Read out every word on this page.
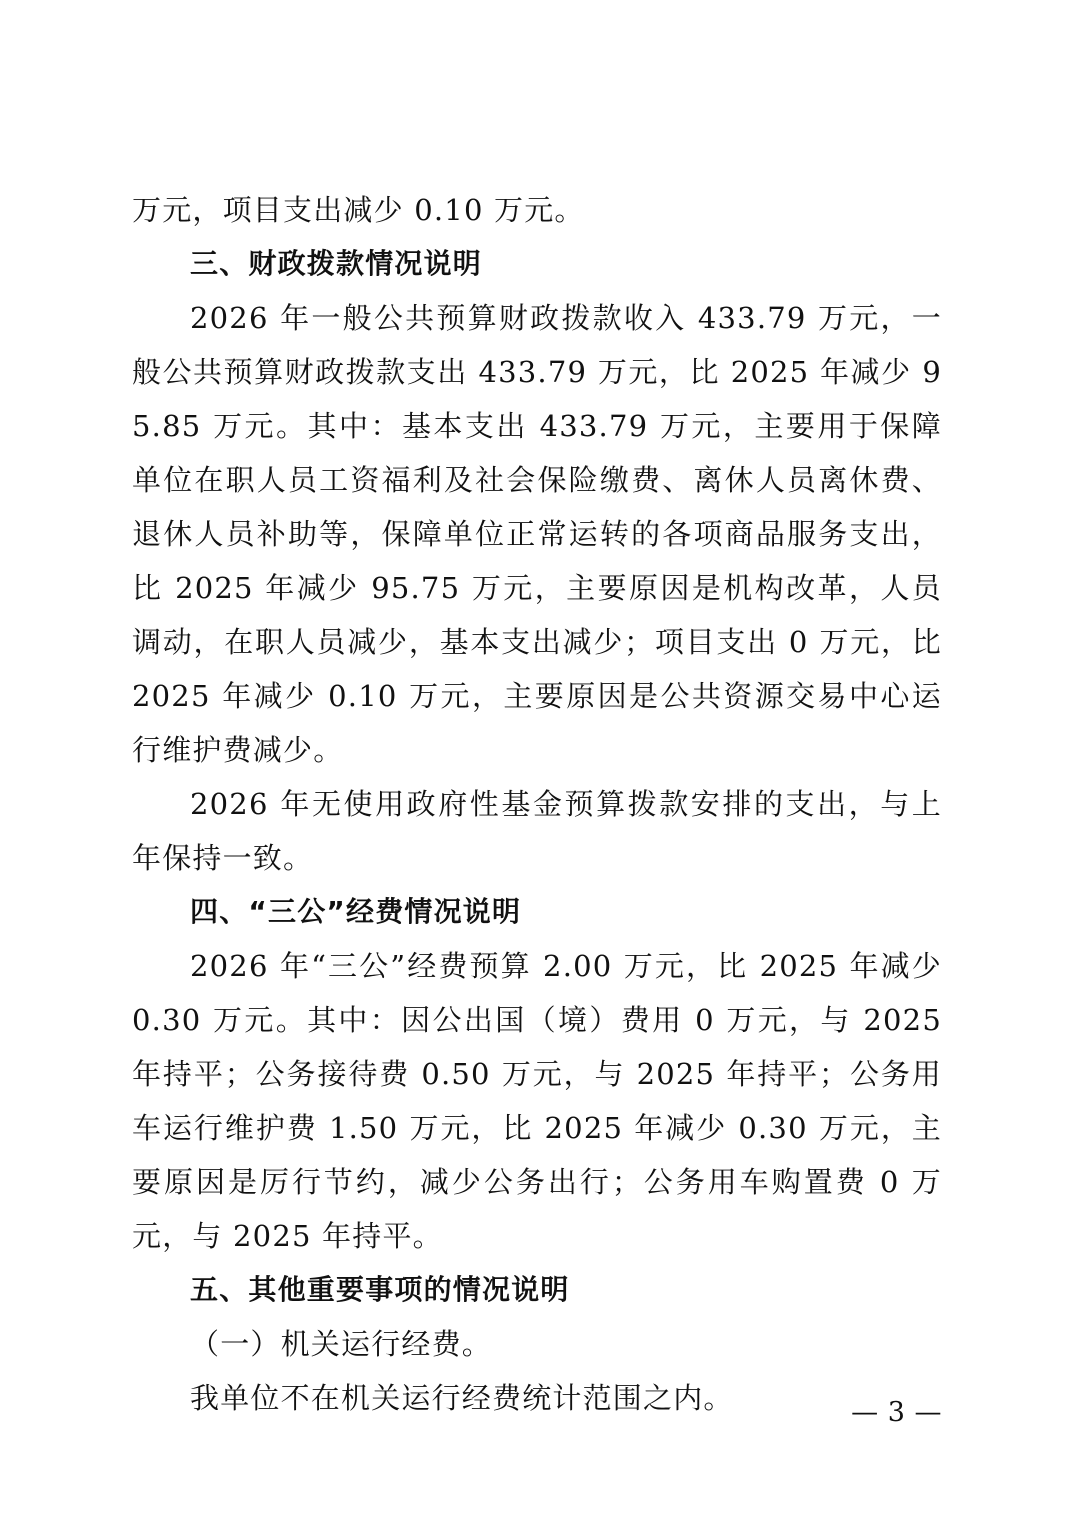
万元，项目支出减少 0.10 万元。

三、财政拨款情况说明

2026 年一般公共预算财政拨款收入 433.79 万元，一般公共预算财政拨款支出 433.79 万元，比 2025 年减少 95.85 万元。其中：基本支出 433.79 万元，主要用于保障单位在职人员工资福利及社会保险缴费、离休人员离休费、退休人员补助等，保障单位正常运转的各项商品服务支出，比 2025 年减少 95.75 万元，主要原因是机构改革，人员调动，在职人员减少，基本支出减少；项目支出 0 万元，比 2025 年减少 0.10 万元，主要原因是公共资源交易中心运行维护费减少。

2026 年无使用政府性基金预算拨款安排的支出，与上年保持一致。

四、“三公”经费情况说明

2026 年“三公”经费预算 2.00 万元，比 2025 年减少 0.30 万元。其中：因公出国（境）费用 0 万元，与 2025 年持平；公务接待费 0.50 万元，与 2025 年持平；公务用车运行维护费 1.50 万元，比 2025 年减少 0.30 万元，主要原因是厉行节约，减少公务出行；公务用车购置费 0 万元，与 2025 年持平。

五、其他重要事项的情况说明

（一）机关运行经费。

我单位不在机关运行经费统计范围之内。	— 3 —
